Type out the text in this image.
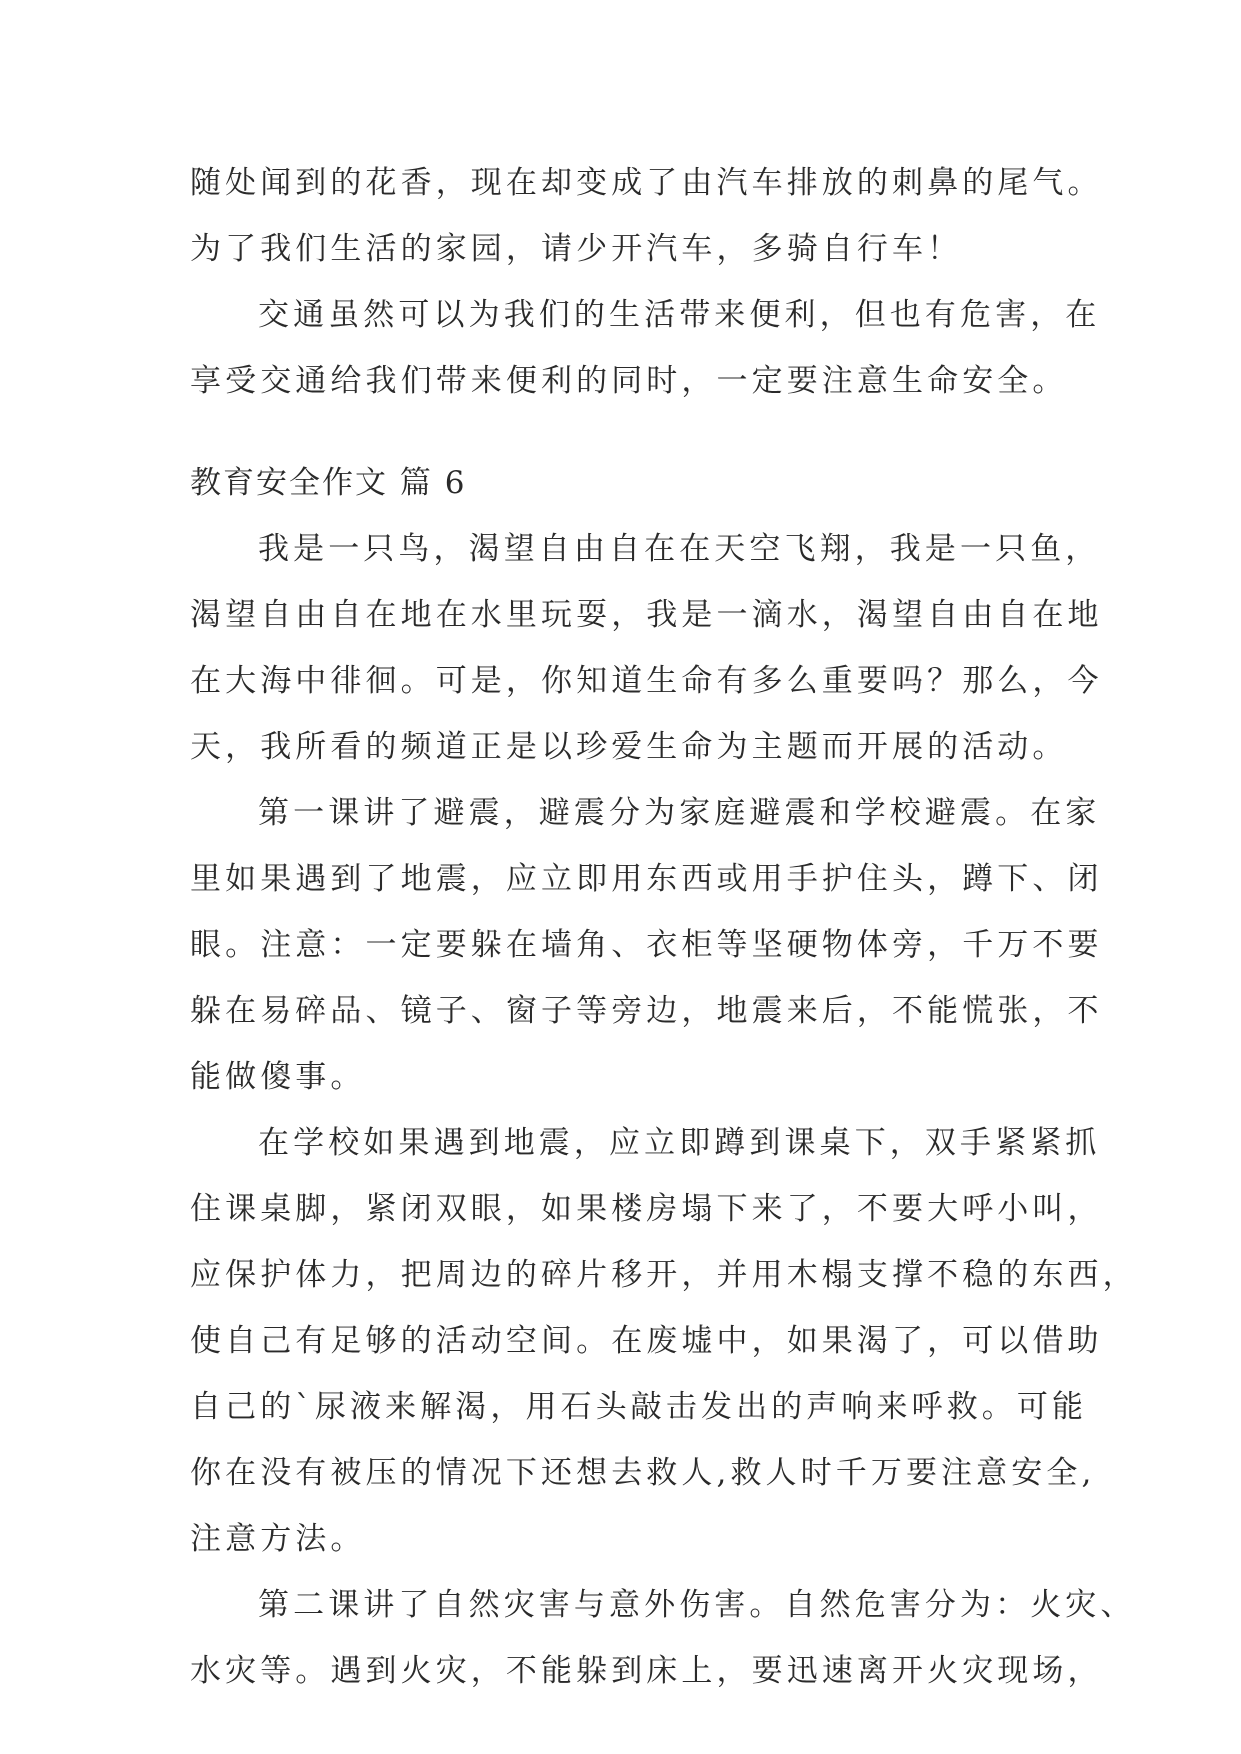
随处闻到的花香，现在却变成了由汽车排放的刺鼻的尾气。
为了我们生活的家园，请少开汽车，多骑自行车！
交通虽然可以为我们的生活带来便利，但也有危害，在
享受交通给我们带来便利的同时，一定要注意生命安全。
教育安全作文 篇 6
我是一只鸟，渴望自由自在在天空飞翔，我是一只鱼，
渴望自由自在地在水里玩耍，我是一滴水，渴望自由自在地
在大海中徘徊。可是，你知道生命有多么重要吗？那么，今
天，我所看的频道正是以珍爱生命为主题而开展的活动。
第一课讲了避震，避震分为家庭避震和学校避震。在家
里如果遇到了地震，应立即用东西或用手护住头，蹲下、闭
眼。注意：一定要躲在墙角、衣柜等坚硬物体旁，千万不要
躲在易碎品、镜子、窗子等旁边，地震来后，不能慌张，不
能做傻事。
在学校如果遇到地震，应立即蹲到课桌下，双手紧紧抓
住课桌脚，紧闭双眼，如果楼房塌下来了，不要大呼小叫，
应保护体力，把周边的碎片移开，并用木榻支撑不稳的东西，
使自己有足够的活动空间。在废墟中，如果渴了，可以借助
自己的`尿液来解渴，用石头敲击发出的声响来呼救。可能
你在没有被压的情况下还想去救人,救人时千万要注意安全,
注意方法。
第二课讲了自然灾害与意外伤害。自然危害分为：火灾、
水灾等。遇到火灾，不能躲到床上，要迅速离开火灾现场，
